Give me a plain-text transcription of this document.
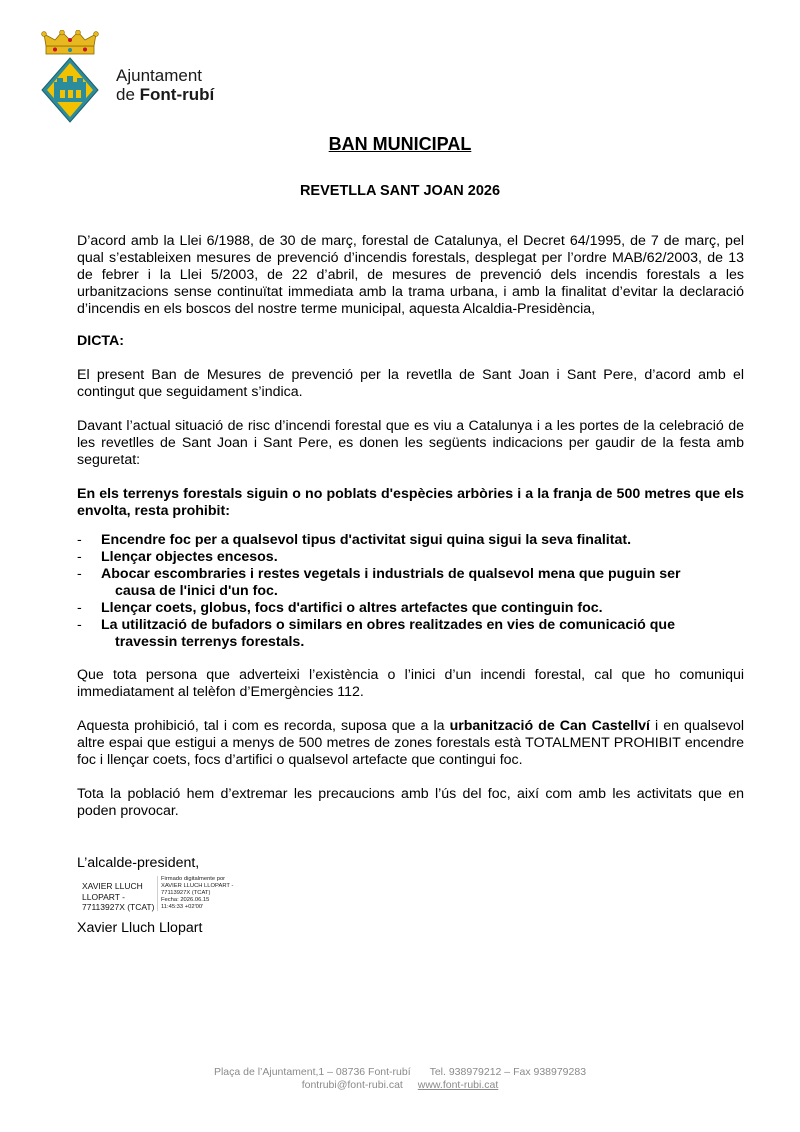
Ajuntament
de Font-rubí
BAN MUNICIPAL
REVETLLA SANT JOAN 2026

D’acord amb la Llei 6/1988, de 30 de març, forestal de Catalunya, el Decret 64/1995, de 7 de març, pel qual s’estableixen mesures de prevenció d’incendis forestals, desplegat per l’ordre MAB/62/2003, de 13 de febrer i la Llei 5/2003, de 22 d’abril, de mesures de prevenció dels incendis forestals a les urbanitzacions sense continuïtat immediata amb la trama urbana, i amb la finalitat d’evitar la declaració d’incendis en els boscos del nostre terme municipal, aquesta Alcaldia-Presidència,

DICTA:

El present Ban de Mesures de prevenció per la revetlla de Sant Joan i Sant Pere, d’acord amb el contingut que seguidament s’indica.

Davant l’actual situació de risc d’incendi forestal que es viu a Catalunya i a les portes de la celebració de les revetlles de Sant Joan i Sant Pere, es donen les següents indicacions per gaudir de la festa amb seguretat:

En els terrenys forestals siguin o no poblats d'espècies arbòries i a la franja de 500 metres que els envolta, resta prohibit:

- Encendre foc per a qualsevol tipus d'activitat sigui quina sigui la seva finalitat.
- Llençar objectes encesos.
- Abocar escombraries i restes vegetals i industrials de qualsevol mena que puguin ser
causa de l'inici d'un foc.
- Llençar coets, globus, focs d'artifici o altres artefactes que continguin foc.
- La utilització de bufadors o similars en obres realitzades en vies de comunicació que
travessin terrenys forestals.

Que tota persona que adverteixi l’existència o l’inici d’un incendi forestal, cal que ho comuniqui immediatament al telèfon d’Emergències 112.

Aquesta prohibició, tal i com es recorda, suposa que a la urbanització de Can Castellví i en qualsevol altre espai que estigui a menys de 500 metres de zones forestals està TOTALMENT PROHIBIT encendre foc i llençar coets, focs d’artifici o qualsevol artefacte que contingui foc.

Tota la població hem d’extremar les precaucions amb l’ús del foc, així com amb les activitats que en poden provocar.

L’alcalde-president,
XAVIER LLUCH
LLOPART -
77113927X (TCAT)
Firmado digitalmente por
XAVIER LLUCH LLOPART -
77113927X (TCAT)
Fecha: 2026.06.15
11:45:33 +02'00'
Xavier Lluch Llopart
Plaça de l’Ajuntament,1 – 08736 Font-rubí Tel. 938979212 – Fax 938979283
fontrubi@font-rubi.cat www.font-rubi.cat
